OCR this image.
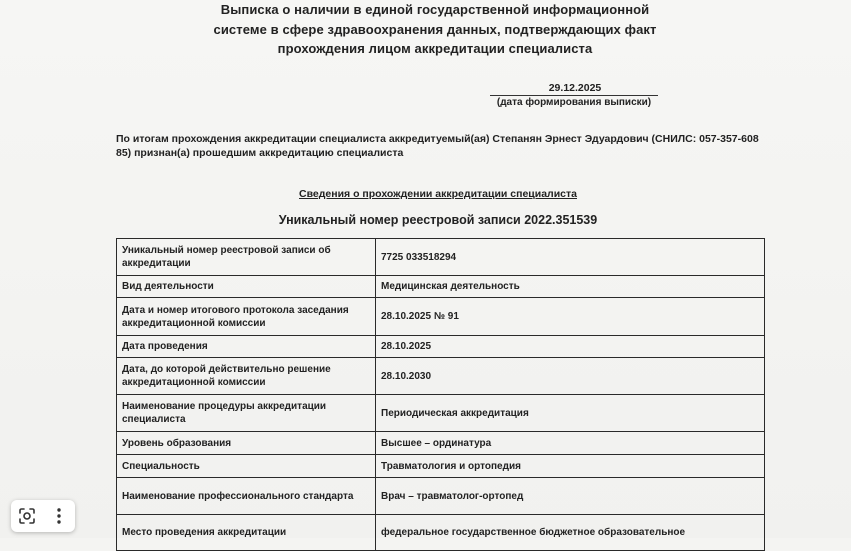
Выписка о наличии в единой государственной информационной
системе в сфере здравоохранения данных, подтверждающих факт
прохождения лицом аккредитации специалиста
29.12.2025
(дата формирования выписки)
По итогам прохождения аккредитации специалиста аккредитуемый(ая) Степанян Эрнест Эдуардович (СНИЛС: 057-357-608 85) признан(а) прошедшим аккредитацию специалиста
Сведения о прохождении аккредитации специалиста
Уникальный номер реестровой записи 2022.351539
Уникальный номер реестровой записи об аккредитации	7725 033518294
Вид деятельности	Медицинская деятельность
Дата и номер итогового протокола заседания аккредитационной комиссии	28.10.2025 № 91
Дата проведения	28.10.2025
Дата, до которой действительно решение аккредитационной комиссии	28.10.2030
Наименование процедуры аккредитации специалиста	Периодическая аккредитация
Уровень образования	Высшее – ординатура
Специальность	Травматология и ортопедия
Наименование профессионального стандарта	Врач – травматолог-ортопед
Место проведения аккредитации	федеральное государственное бюджетное образовательное
